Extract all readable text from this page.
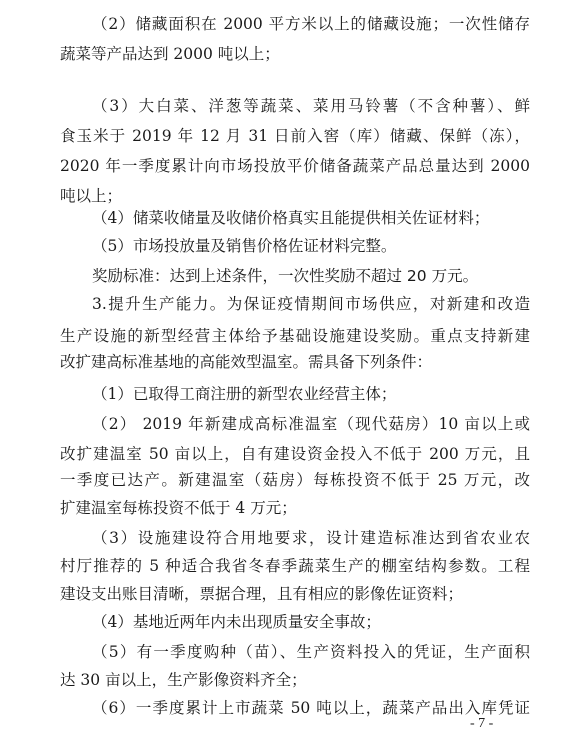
（2）储藏面积在 2000 平方米以上的储藏设施；一次性储存
蔬菜等产品达到 2000 吨以上；
（3）大白菜、洋葱等蔬菜、菜用马铃薯（不含种薯）、鲜
食玉米于 2019 年 12 月 31 日前入窖（库）储藏、保鲜（冻），
2020 年一季度累计向市场投放平价储备蔬菜产品总量达到 2000
吨以上；
（4）储菜收储量及收储价格真实且能提供相关佐证材料；
（5）市场投放量及销售价格佐证材料完整。
奖励标准：达到上述条件，一次性奖励不超过 20 万元。
3.提升生产能力。为保证疫情期间市场供应，对新建和改造
生产设施的新型经营主体给予基础设施建设奖励。重点支持新建
改扩建高标准基地的高能效型温室。需具备下列条件：
（1）已取得工商注册的新型农业经营主体；
（2） 2019 年新建成高标准温室（现代菇房）10 亩以上或
改扩建温室 50 亩以上，自有建设资金投入不低于 200 万元，且
一季度已达产。新建温室（菇房）每栋投资不低于 25 万元，改
扩建温室每栋投资不低于 4 万元；
（3）设施建设符合用地要求，设计建造标准达到省农业农
村厅推荐的 5 种适合我省冬春季蔬菜生产的棚室结构参数。工程
建设支出账目清晰，票据合理，且有相应的影像佐证资料；
（4）基地近两年内未出现质量安全事故；
（5）有一季度购种（苗）、生产资料投入的凭证，生产面积
达 30 亩以上，生产影像资料齐全；
（6）一季度累计上市蔬菜 50 吨以上，蔬菜产品出入库凭证
- 7 -
